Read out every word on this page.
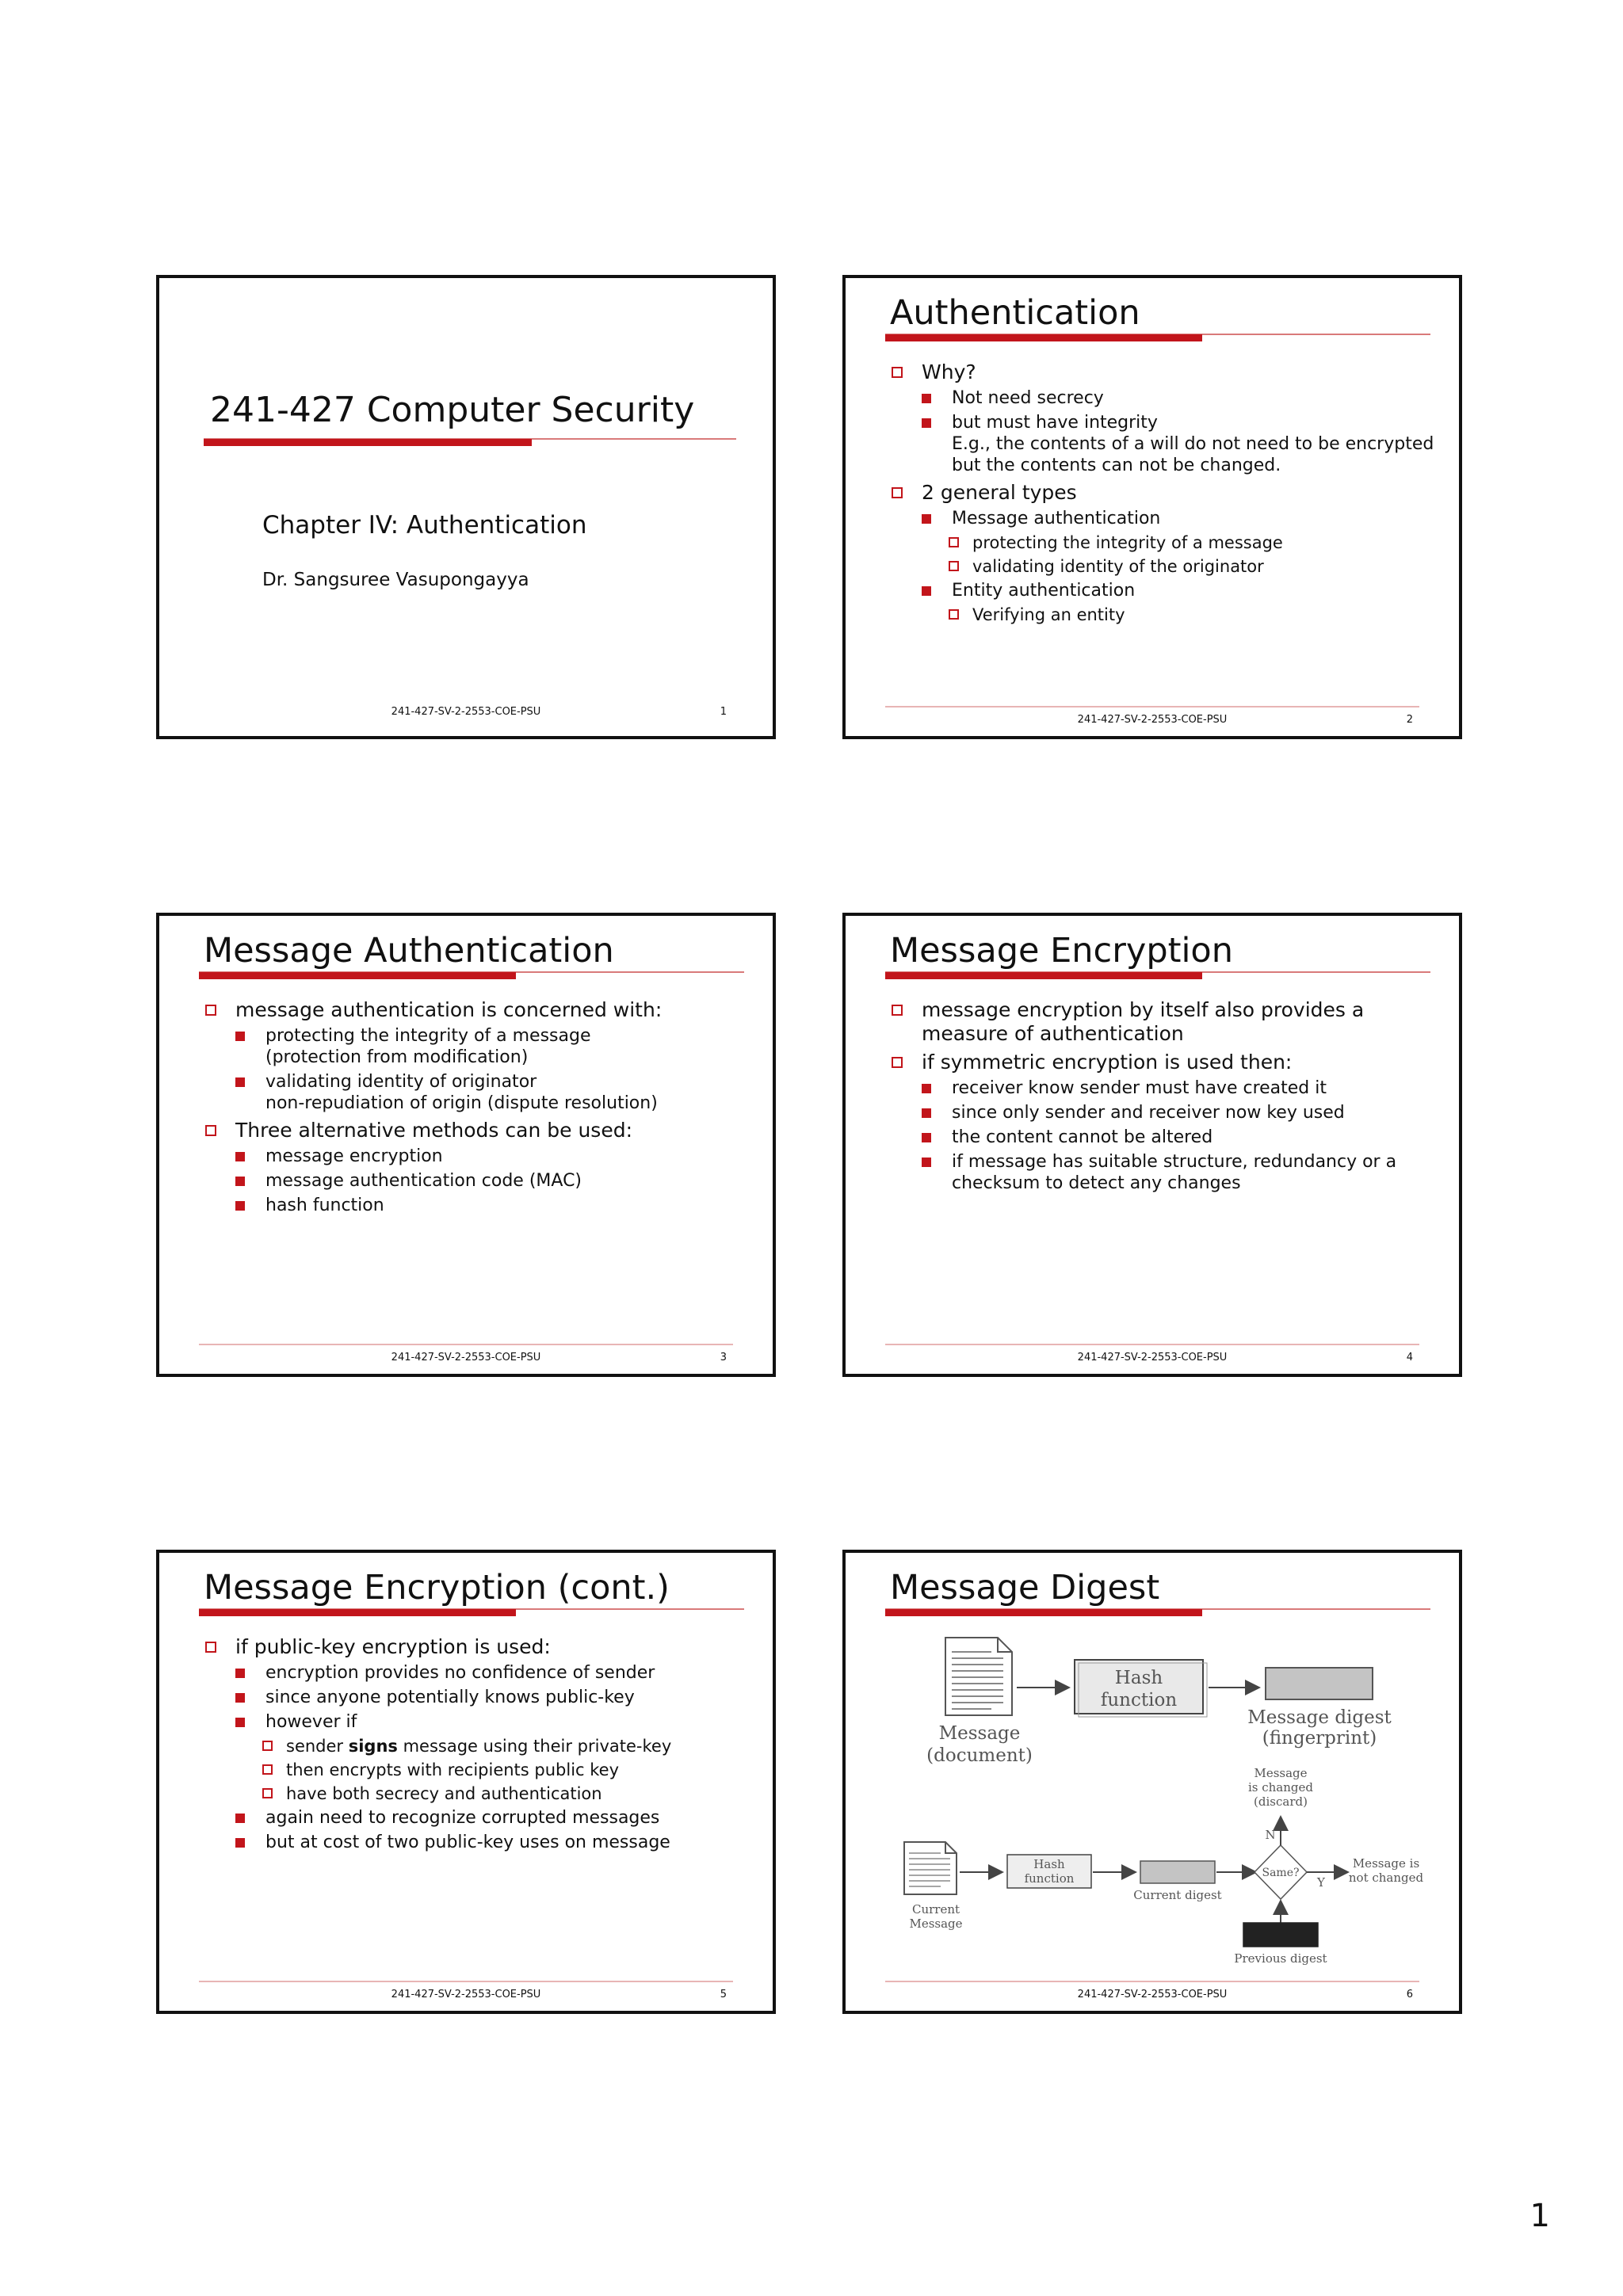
241-427 Computer Security
Chapter IV: Authentication
Dr. Sangsuree Vasupongayya
241-427-SV-2-2553-COE-PSU	1
Authentication
Why?
Not need secrecy
but must have integrity
E.g., the contents of a will do not need to be encrypted but the contents can not be changed.
2 general types
Message authentication
protecting the integrity of a message
validating identity of the originator
Entity authentication
Verifying an entity
241-427-SV-2-2553-COE-PSU	2
Message Authentication
message authentication is concerned with:
protecting the integrity of a message
(protection from modification)
validating identity of originator
non-repudiation of origin (dispute resolution)
Three alternative methods can be used:
message encryption
message authentication code (MAC)
hash function
241-427-SV-2-2553-COE-PSU	3
Message Encryption
message encryption by itself also provides a measure of authentication
if symmetric encryption is used then:
receiver know sender must have created it
since only sender and receiver now key used
the content cannot be altered
if message has suitable structure, redundancy or a checksum to detect any changes
241-427-SV-2-2553-COE-PSU	4
Message Encryption (cont.)
if public-key encryption is used:
encryption provides no confidence of sender
since anyone potentially knows public-key
however if
sender signs message using their private-key
then encrypts with recipients public key
have both secrecy and authentication
again need to recognize corrupted messages
but at cost of two public-key uses on message
241-427-SV-2-2553-COE-PSU	5
Message Digest
Message
(document)
Hash
function
Message digest
(fingerprint)
Current
Message
Hash
function
Current digest
Same?
N
Message
is changed
(discard)
Y
Message is
not changed
Previous digest
241-427-SV-2-2553-COE-PSU	6
1
